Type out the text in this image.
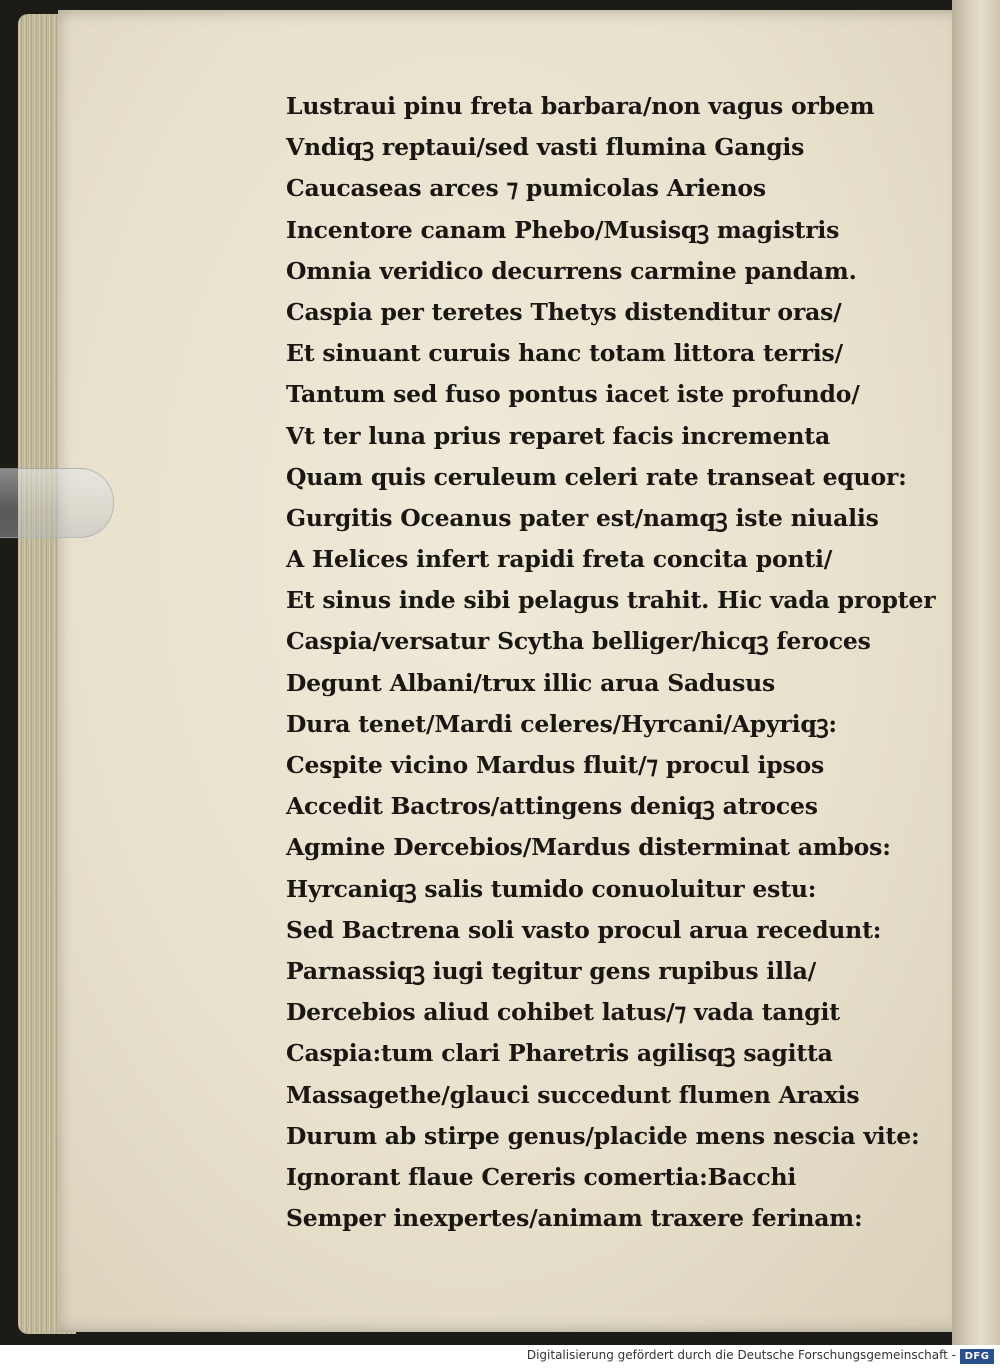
Lustraui pinu freta barbara/non vagus orbem
Vndiqꝫ reptaui/sed vasti flumina Gangis
Caucaseas arces ⁊ pumicolas Arienos
Incentore canam Phebo/Musisqꝫ magistris
Omnia veridico decurrens carmine pandam.
Caspia per teretes Thetys distenditur oras/
Et sinuant curuis hanc totam littora terris/
Tantum sed fuso pontus iacet iste profundo/
Vt ter luna prius reparet facis incrementa
Quam quis ceruleum celeri rate transeat equor:
Gurgitis Oceanus pater est/namqꝫ iste niualis
A Helices infert rapidi freta concita ponti/
Et sinus inde sibi pelagus trahit. Hic vada propter
Caspia/versatur Scytha belliger/hicqꝫ feroces
Degunt Albani/trux illic arua Sadusus
Dura tenet/Mardi celeres/Hyrcani/Apyriqꝫ:
Cespite vicino Mardus fluit/⁊ procul ipsos
Accedit Bactros/attingens deniqꝫ atroces
Agmine Dercebios/Mardus disterminat ambos:
Hyrcaniqꝫ salis tumido conuoluitur estu:
Sed Bactrena soli vasto procul arua recedunt:
Parnassiqꝫ iugi tegitur gens rupibus illa/
Dercebios aliud cohibet latus/⁊ vada tangit
Caspia:tum clari Pharetris agilisqꝫ sagitta
Massagethe/glauci succedunt flumen Araxis
Durum ab stirpe genus/placide mens nescia vite:
Ignorant flaue Cereris comertia:Bacchi
Semper inexpertes/animam traxere ferinam:
Digitalisierung gefördert durch die Deutsche Forschungsgemeinschaft - DFG
